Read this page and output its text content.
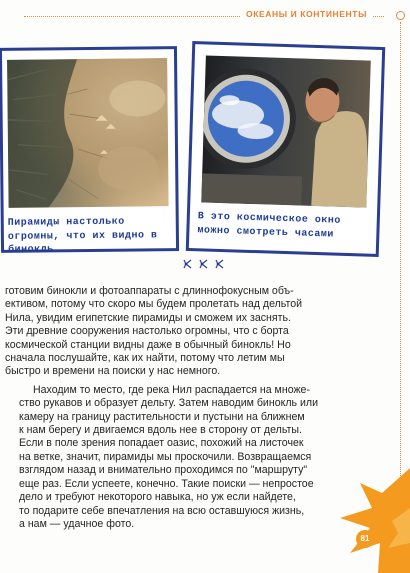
ОКЕАНЫ И КОНТИНЕНТЫ
Пирамиды настолько огромны, что их видно в бинокль
В это космическое окно можно смотреть часами

готовим бинокли и фотоаппараты с длиннофокусным объ-
ективом, потому что скоро мы будем пролетать над дельтой
Нила, увидим египетские пирамиды и сможем их заснять.
Эти древние сооружения настолько огромны, что с борта
космической станции видны даже в обычный бинокль! Но
сначала послушайте, как их найти, потому что летим мы
быстро и времени на поиски у нас немного.

Находим то место, где река Нил распадается на множе-
ство рукавов и образует дельту. Затем наводим бинокль или
камеру на границу растительности и пустыни на ближнем
к нам берегу и двигаемся вдоль нее в сторону от дельты.
Если в поле зрения попадает оазис, похожий на листочек
на ветке, значит, пирамиды мы проскочили. Возвращаемся
взглядом назад и внимательно проходимся по "маршруту"
еще раз. Если успеете, конечно. Такие поиски — непростое
дело и требуют некоторого навыка, но уж если найдете,
то подарите себе впечатления на всю оставшуюся жизнь,
а нам — удачное фото.

81
